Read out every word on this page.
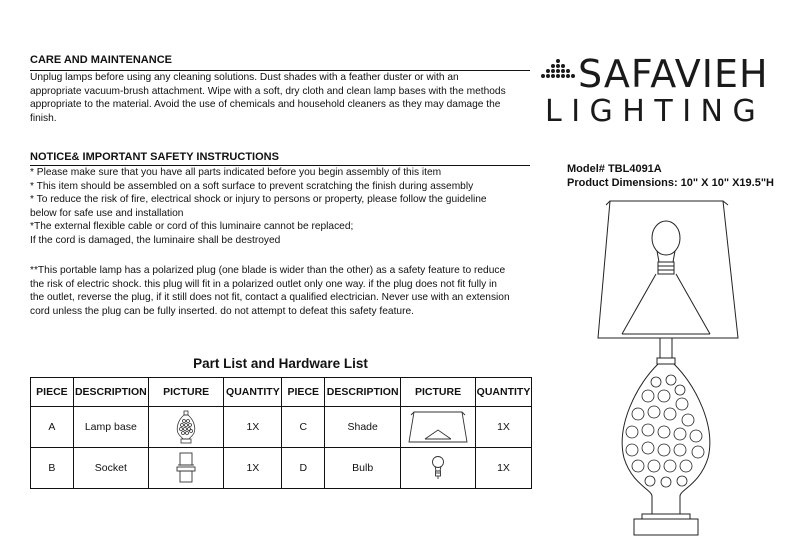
CARE AND MAINTENANCE
Unplug lamps before using any cleaning solutions. Dust shades with a feather duster or with an
appropriate vacuum-brush attachment. Wipe with a soft, dry cloth and clean lamp bases with the methods
appropriate to the material. Avoid the use of chemicals and household cleaners as they may damage the
finish.
NOTICE& IMPORTANT SAFETY INSTRUCTIONS
* Please make sure that you have all parts indicated before you begin assembly of this item
* This item should be assembled on a soft surface to prevent scratching the finish during assembly
* To reduce the risk of fire, electrical shock or injury to persons or property, please follow the guideline
below for safe use and installation
*The external flexible cable or cord of this luminaire cannot be replaced;
If the cord is damaged, the luminaire shall be destroyed
**This portable lamp has a polarized plug (one blade is wider than the other) as a safety feature to reduce
the risk of electric shock. this plug will fit in a polarized outlet only one way. if the plug does not fit fully in
the outlet, reverse the plug, if it still does not fit, contact a qualified electrician. Never use with an extension
cord unless the plug can be fully inserted. do not attempt to defeat this safety feature.
SAFAVIEH
LIGHTING
Model# TBL4091A
Product Dimensions: 10" X 10" X19.5"H
Part List and Hardware List
PIECE	DESCRIPTION	PICTURE	QUANTITY	PIECE	DESCRIPTION	PICTURE	QUANTITY
A	Lamp base		1X	C	Shade		1X
B	Socket		1X	D	Bulb		1X
